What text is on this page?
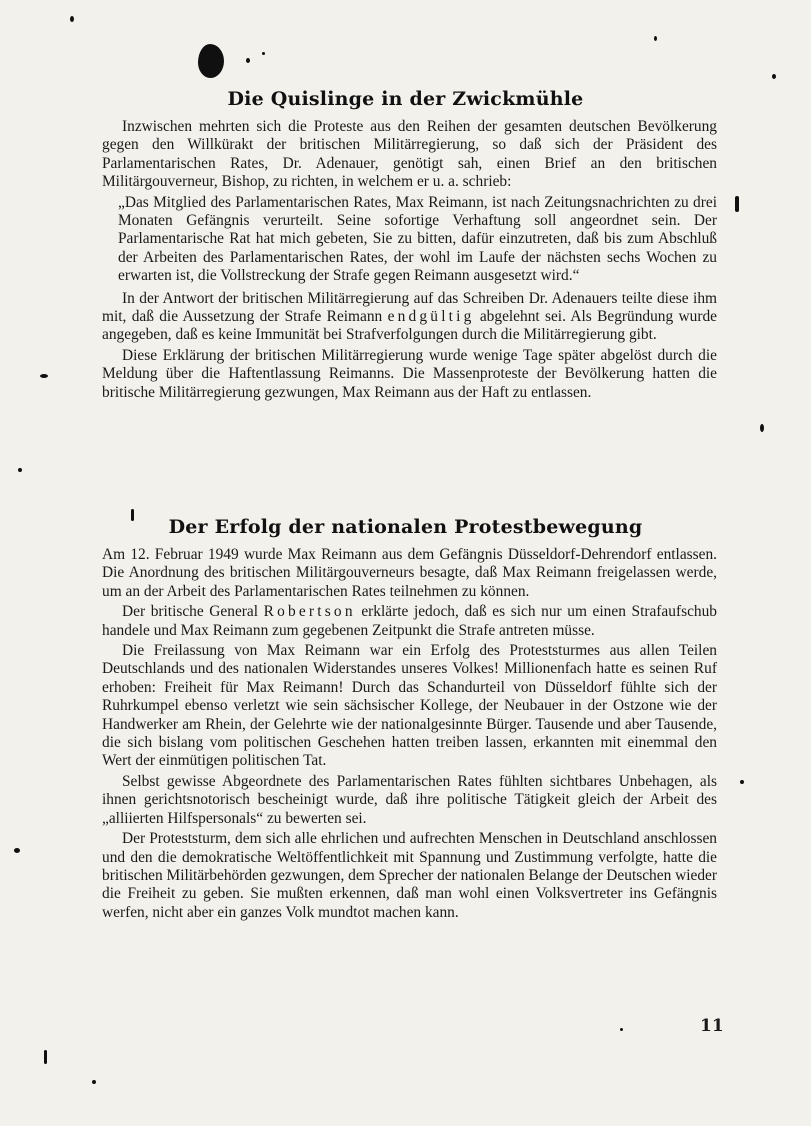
Die Quislinge in der Zwickmühle

Inzwischen mehrten sich die Proteste aus den Reihen der gesamten deutschen Bevölkerung gegen den Willkürakt der britischen Militärregierung, so daß sich der Präsident des Parlamentarischen Rates, Dr. Adenauer, genötigt sah, einen Brief an den britischen Militärgouverneur, Bishop, zu richten, in welchem er u. a. schrieb:

„Das Mitglied des Parlamentarischen Rates, Max Reimann, ist nach Zeitungsnachrichten zu drei Monaten Gefängnis verurteilt. Seine sofortige Verhaftung soll angeordnet sein. Der Parlamentarische Rat hat mich gebeten, Sie zu bitten, dafür einzutreten, daß bis zum Abschluß der Arbeiten des Parlamentarischen Rates, der wohl im Laufe der nächsten sechs Wochen zu erwarten ist, die Vollstreckung der Strafe gegen Reimann ausgesetzt wird.“

In der Antwort der britischen Militärregierung auf das Schreiben Dr. Adenauers teilte diese ihm mit, daß die Aussetzung der Strafe Reimann endgültig abgelehnt sei. Als Begründung wurde angegeben, daß es keine Immunität bei Strafverfolgungen durch die Militärregierung gibt.

Diese Erklärung der britischen Militärregierung wurde wenige Tage später abgelöst durch die Meldung über die Haftentlassung Reimanns. Die Massenproteste der Bevölkerung hatten die britische Militärregierung gezwungen, Max Reimann aus der Haft zu entlassen.

Der Erfolg der nationalen Protestbewegung

Am 12. Februar 1949 wurde Max Reimann aus dem Gefängnis Düsseldorf-Dehrendorf entlassen. Die Anordnung des britischen Militärgouverneurs besagte, daß Max Reimann freigelassen werde, um an der Arbeit des Parlamentarischen Rates teilnehmen zu können.

Der britische General Robertson erklärte jedoch, daß es sich nur um einen Strafaufschub handele und Max Reimann zum gegebenen Zeitpunkt die Strafe antreten müsse.

Die Freilassung von Max Reimann war ein Erfolg des Proteststurmes aus allen Teilen Deutschlands und des nationalen Widerstandes unseres Volkes! Millionenfach hatte es seinen Ruf erhoben: Freiheit für Max Reimann! Durch das Schandurteil von Düsseldorf fühlte sich der Ruhrkumpel ebenso verletzt wie sein sächsischer Kollege, der Neubauer in der Ostzone wie der Handwerker am Rhein, der Gelehrte wie der nationalgesinnte Bürger. Tausende und aber Tausende, die sich bislang vom politischen Geschehen hatten treiben lassen, erkannten mit einemmal den Wert der einmütigen politischen Tat.

Selbst gewisse Abgeordnete des Parlamentarischen Rates fühlten sichtbares Unbehagen, als ihnen gerichtsnotorisch bescheinigt wurde, daß ihre politische Tätigkeit gleich der Arbeit des „alliierten Hilfspersonals“ zu bewerten sei.

Der Proteststurm, dem sich alle ehrlichen und aufrechten Menschen in Deutschland anschlossen und den die demokratische Weltöffentlichkeit mit Spannung und Zustimmung verfolgte, hatte die britischen Militärbehörden gezwungen, dem Sprecher der nationalen Belange der Deutschen wieder die Freiheit zu geben. Sie mußten erkennen, daß man wohl einen Volksvertreter ins Gefängnis werfen, nicht aber ein ganzes Volk mundtot machen kann.

11
